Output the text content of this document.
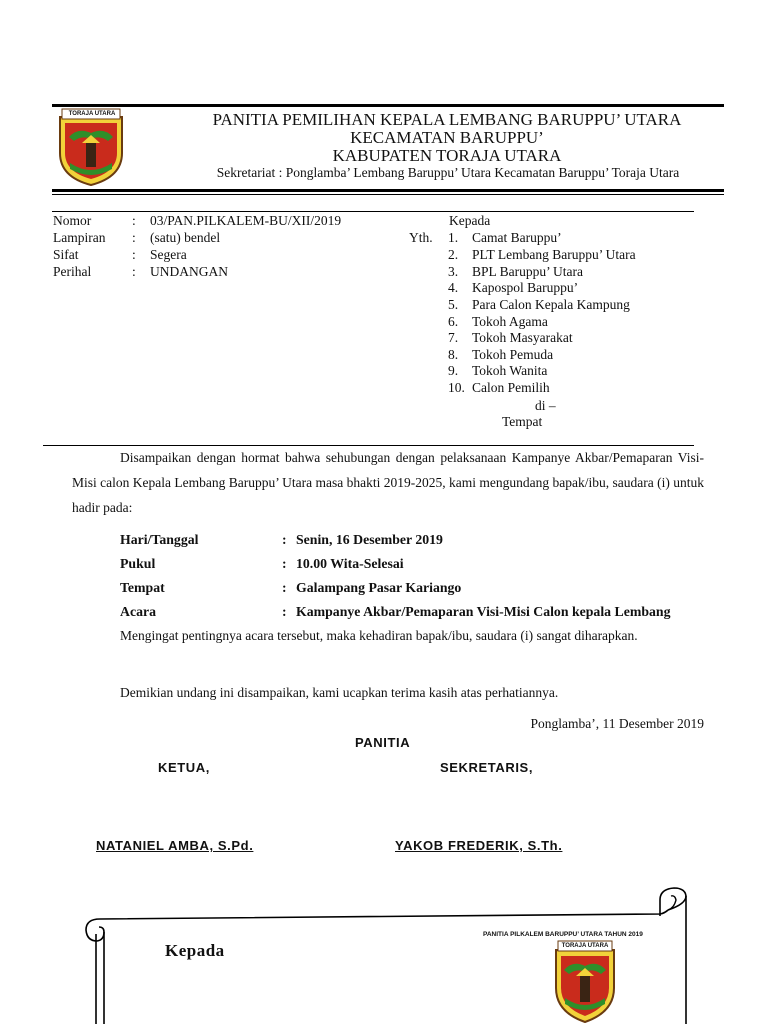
TORAJA UTARA	PANITIA PEMILIHAN KEPALA LEMBANG BARUPPU’ UTARA
KECAMATAN BARUPPU’
KABUPATEN TORAJA UTARA
Sekretariat : Ponglamba’ Lembang Baruppu’ Utara Kecamatan Baruppu’ Toraja Utara
Nomor	: 03/PAN.PILKALEM-BU/XII/2019
Lampiran : (satu) bendel
Sifat	: Segera
Perihal	: UNDANGAN
Kepada
Yth. 1. Camat Baruppu’
2. PLT Lembang Baruppu’ Utara
3. BPL Baruppu’ Utara
4. Kapospol Baruppu’
5. Para Calon Kepala Kampung
6. Tokoh Agama
7. Tokoh Masyarakat
8. Tokoh Pemuda
9. Tokoh Wanita
10. Calon Pemilih
di –
Tempat
Disampaikan dengan hormat bahwa sehubungan dengan pelaksanaan Kampanye Akbar/Pemaparan Visi-Misi calon Kepala Lembang Baruppu’ Utara masa bhakti 2019-2025, kami mengundang bapak/ibu, saudara (i) untuk hadir pada:
Hari/Tanggal	: Senin, 16 Desember 2019
Pukul	: 10.00 Wita-Selesai
Tempat	: Galampang Pasar Kariango
Acara	: Kampanye Akbar/Pemaparan Visi-Misi Calon kepala Lembang
Mengingat pentingnya acara tersebut, maka kehadiran bapak/ibu, saudara (i) sangat diharapkan.
Demikian undang ini disampaikan, kami ucapkan terima kasih atas perhatiannya.
Ponglamba’, 11 Desember 2019
PANITIA
KETUA,	SEKRETARIS,
NATANIEL AMBA, S.Pd.	YAKOB FREDERIK, S.Th.
Kepada
PANITIA PILKALEM BARUPPU’ UTARA TAHUN 2019
TORAJA UTARA
